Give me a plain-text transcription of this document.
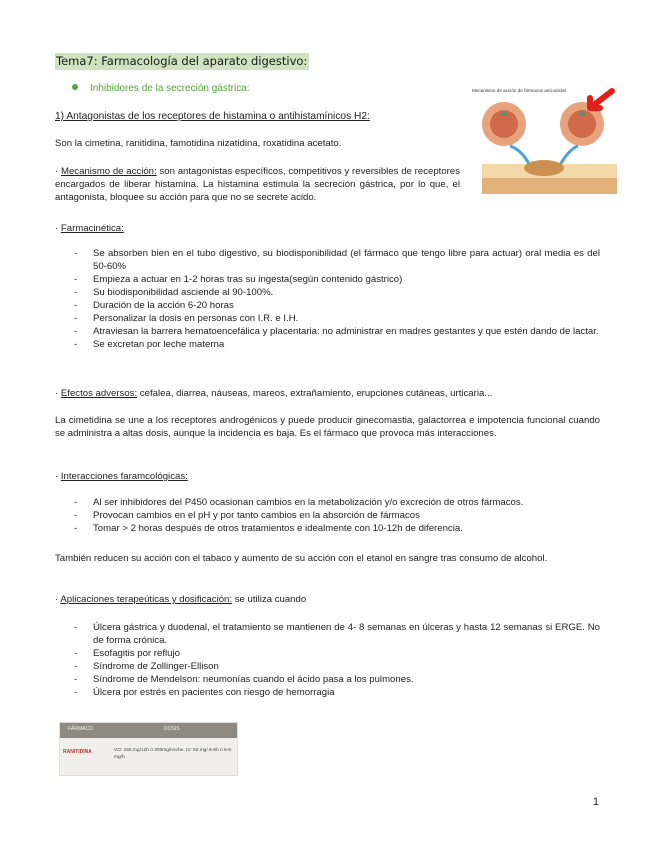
Tema7: Farmacología del aparato digestivo:
Inhibidores de la secreción gástrica:	Mecanismo de acción de fármacos anti-acidos
1) Antagonistas de los receptores de histamina o antihistamínicos H2:
Son la cimetina, ranitidina, famotidina nizatidina, roxatidina acetato.
· Mecanismo de acción: son antagonistas específicos, competitivos y reversibles de receptores encargados de liberar histamina. La histamina estimula la secreción gástrica, por lo que, el antagonista, bloquee su acción para que no se secrete acido.
· Farmacinética:
- Se absorben bien en el tubo digestivo, su biodisponibilidad (el fármaco que tengo libre para actuar) oral media es del 50-60%
- Empieza a actuar en 1-2 horas tras su ingesta(según contenido gástrico)
- Su biodisponibilidad asciende al 90-100%.
- Duración de la acción 6-20 horas
- Personalizar la dosis en personas con I.R. e I.H.
- Atraviesan la barrera hematoencefálica y placentaria: no administrar en madres gestantes y que estén dando de lactar.
- Se excretan por leche materna
· Efectos adversos: cefalea, diarrea, náuseas, mareos, extrañamiento, erupciones cutáneas, urticaria...
La cimetidina se une a los receptores androgénicos y puede producir ginecomastia, galactorrea e impotencia funcional cuando se administra a altas dosis, aunque la incidencia es baja. Es el fármaco que provoca más interacciones.
· Interacciones faramcológicas:
- Al ser inhibidores del P450 ocasionan cambios en la metabolización y/o excreción de otros fármacos.
- Provocan cambios en el pH y por tanto cambios en la absorción de fármacos
- Tomar > 2 horas después de otros tratamientos e idealmente con 10-12h de diferencia.
También reducen su acción con el tabaco y aumento de su acción con el etanol en sangre tras consumo de alcohol.
· Aplicaciones terapeúticas y dosificación: se utiliza cuando
- Úlcera gástrica y duodenal, el tratamiento se mantienen de 4- 8 semanas en úlceras y hasta 12 semanas si ERGE. No de forma crónica.
- Esofagitis por reflujo
- Síndrome de Zollinger-Ellison
- Síndrome de Mendelson: neumonías cuando el ácido pasa a los pulmones.
- Úlcera por estrés en pacientes con riesgo de hemorragia
FÁRMACO	DOSIS
RANITIDINA	VO: 150 mg/12h ó 300mg/noche. IV: 50 mg/ 6-8h ó 6-8 mg/h
1
